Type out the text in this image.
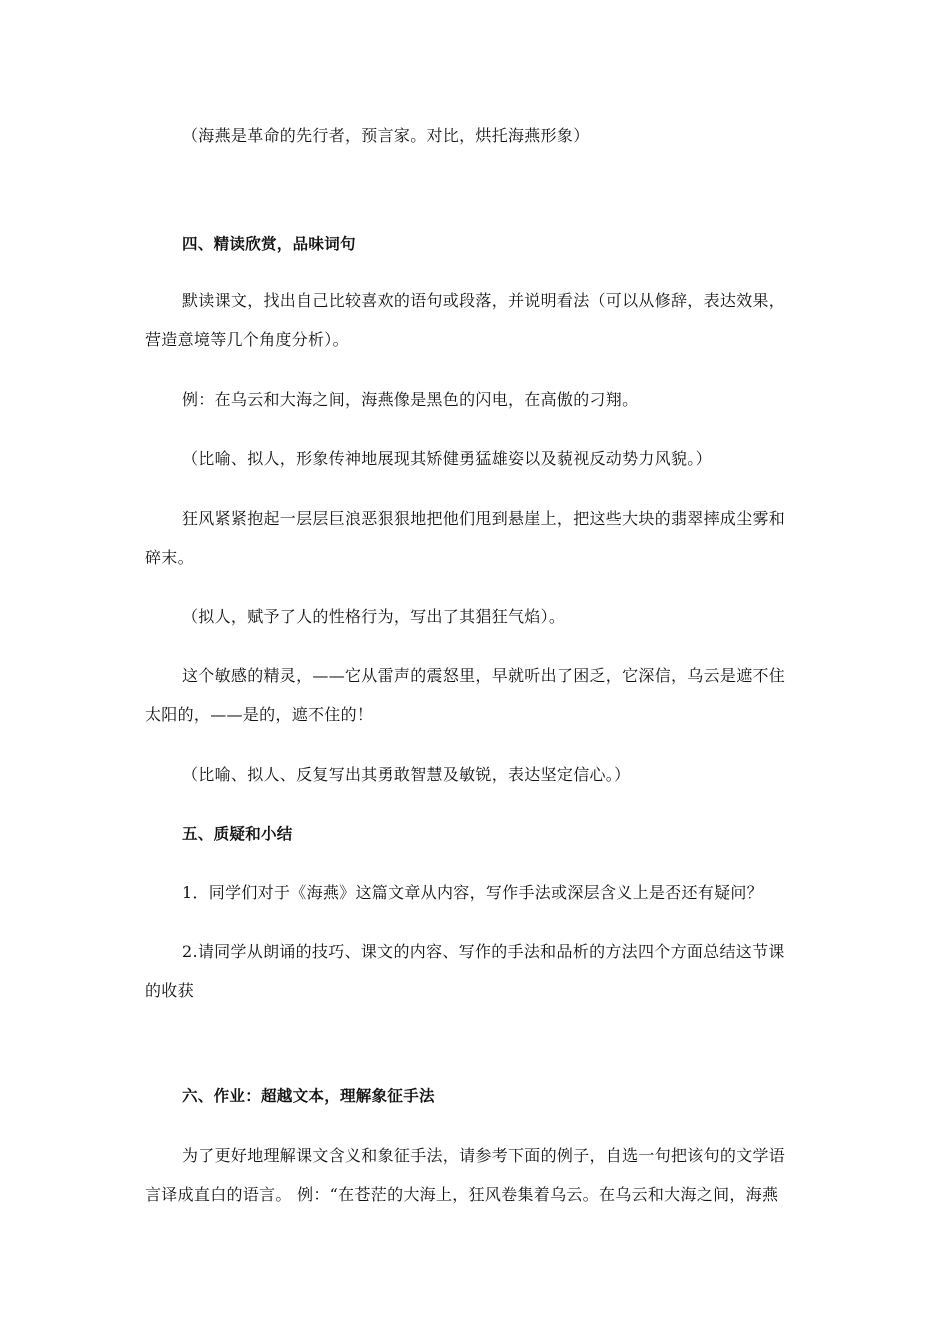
（海燕是革命的先行者，预言家。对比，烘托海燕形象）
四、精读欣赏，品味词句
默读课文，找出自己比较喜欢的语句或段落，并说明看法（可以从修辞，表达效果，
营造意境等几个角度分析）。
例：在乌云和大海之间，海燕像是黑色的闪电，在高傲的刁翔。
（比喻、拟人，形象传神地展现其矫健勇猛雄姿以及藐视反动势力风貌。）
狂风紧紧抱起一层层巨浪恶狠狠地把他们甩到悬崖上，把这些大块的翡翠摔成尘雾和
碎末。
（拟人，赋予了人的性格行为，写出了其猖狂气焰）。
这个敏感的精灵，——它从雷声的震怒里，早就听出了困乏，它深信，乌云是遮不住
太阳的，——是的，遮不住的！
（比喻、拟人、反复写出其勇敢智慧及敏锐，表达坚定信心。）
五、质疑和小结
1．同学们对于《海燕》这篇文章从内容，写作手法或深层含义上是否还有疑问？
2.请同学从朗诵的技巧、课文的内容、写作的手法和品析的方法四个方面总结这节课
的收获
六、作业：超越文本，理解象征手法
为了更好地理解课文含义和象征手法，请参考下面的例子，自选一句把该句的文学语
言译成直白的语言。 例：“在苍茫的大海上，狂风卷集着乌云。在乌云和大海之间，海燕
